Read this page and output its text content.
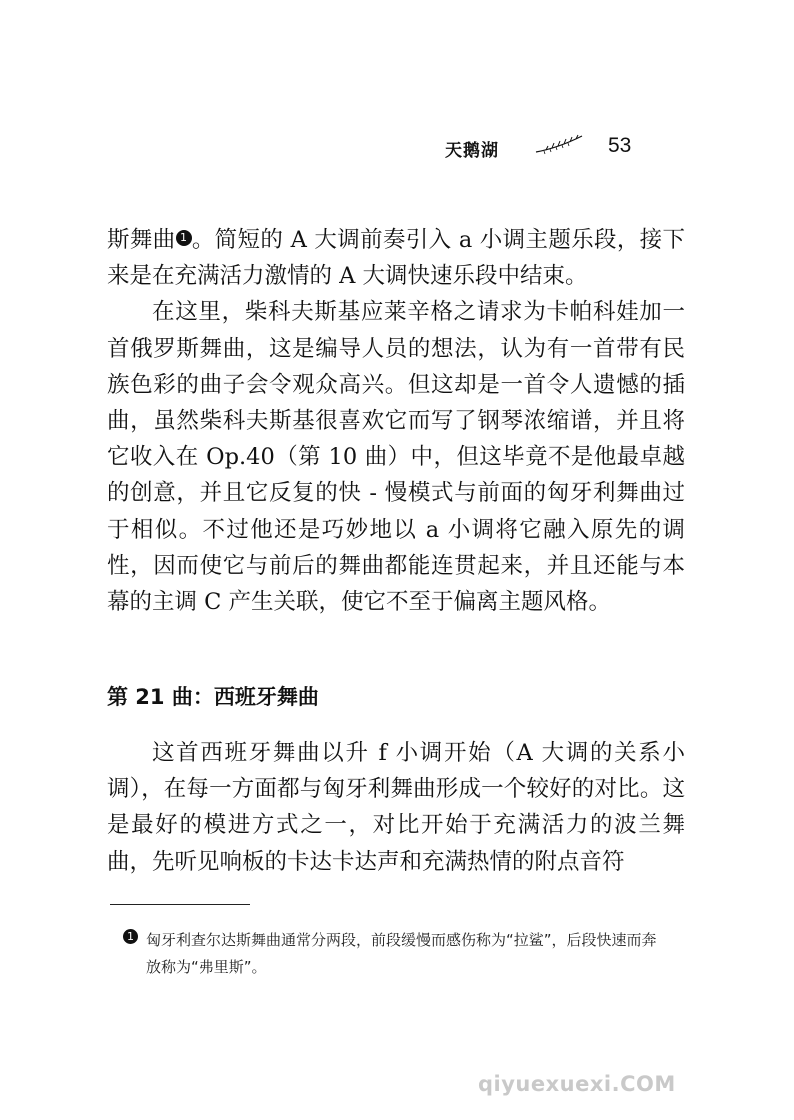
天鹅湖	53

斯舞曲 1 。简短的 A 大调前奏引入 a 小调主题乐段，接下来是在充满活力激情的 A 大调快速乐段中结束。

在这里，柴科夫斯基应莱辛格之请求为卡帕科娃加一首俄罗斯舞曲，这是编导人员的想法，认为有一首带有民族色彩的曲子会令观众高兴。但这却是一首令人遗憾的插曲，虽然柴科夫斯基很喜欢它而写了钢琴浓缩谱，并且将它收入在 Op.40（第 10 曲）中，但这毕竟不是他最卓越的创意，并且它反复的快 - 慢模式与前面的匈牙利舞曲过于相似。不过他还是巧妙地以 a 小调将它融入原先的调性，因而使它与前后的舞曲都能连贯起来，并且还能与本幕的主调 C 产生关联，使它不至于偏离主题风格。

第 21 曲：西班牙舞曲

这首西班牙舞曲以升 f 小调开始（A 大调的关系小调），在每一方面都与匈牙利舞曲形成一个较好的对比。这是最好的模进方式之一，对比开始于充满活力的波兰舞曲，先听见响板的卡达卡达声和充满热情的附点音符

1 匈牙利查尔达斯舞曲通常分两段，前段缓慢而感伤称为“拉鲨”，后段快速而奔放称为“弗里斯”。
qiyuexuexi.COM
